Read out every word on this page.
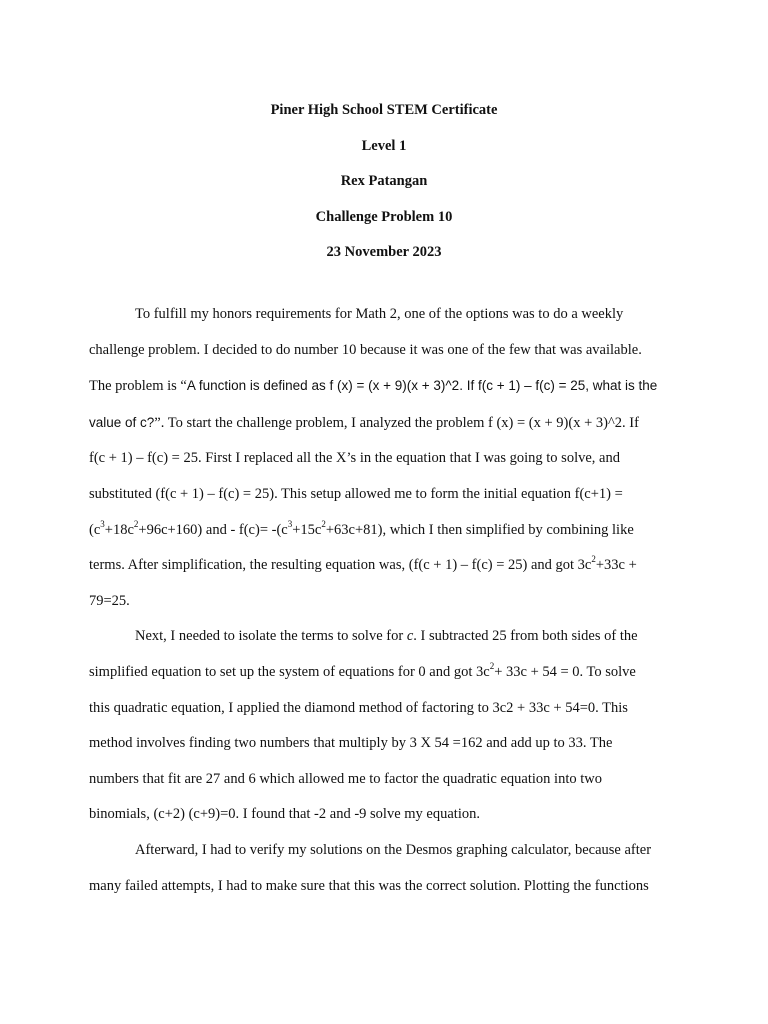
Piner High School STEM Certificate

Level 1

Rex Patangan

Challenge Problem 10

23 November 2023

To fulfill my honors requirements for Math 2, one of the options was to do a weekly
challenge problem. I decided to do number 10 because it was one of the few that was available.
The problem is “A function is defined as f (x) = (x + 9)(x + 3)^2. If f(c + 1) – f(c) = 25, what is the
value of c?”. To start the challenge problem, I analyzed the problem f (x) = (x + 9)(x + 3)^2. If
f(c + 1) – f(c) = 25. First I replaced all the X’s in the equation that I was going to solve, and
substituted (f(c + 1) – f(c) = 25). This setup allowed me to form the initial equation f(c+1) =
$(c^3+18c^2+96c+160)$ and - $f(c)= -(c^3+15c^2+63c+81)$, which I then simplified by combining like
terms. After simplification, the resulting equation was, (f(c + 1) – f(c) = 25) and got $3c^2+33c$ +
79=25.
Next, I needed to isolate the terms to solve for c. I subtracted 25 from both sides of the
simplified equation to set up the system of equations for 0 and got $3c^2+ 33c + 54 = 0$. To solve
this quadratic equation, I applied the diamond method of factoring to 3c2 + 33c + 54=0. This
method involves finding two numbers that multiply by 3 X 54 =162 and add up to 33. The
numbers that fit are 27 and 6 which allowed me to factor the quadratic equation into two
binomials, (c+2) (c+9)=0. I found that -2 and -9 solve my equation.
Afterward, I had to verify my solutions on the Desmos graphing calculator, because after
many failed attempts, I had to make sure that this was the correct solution. Plotting the functions
